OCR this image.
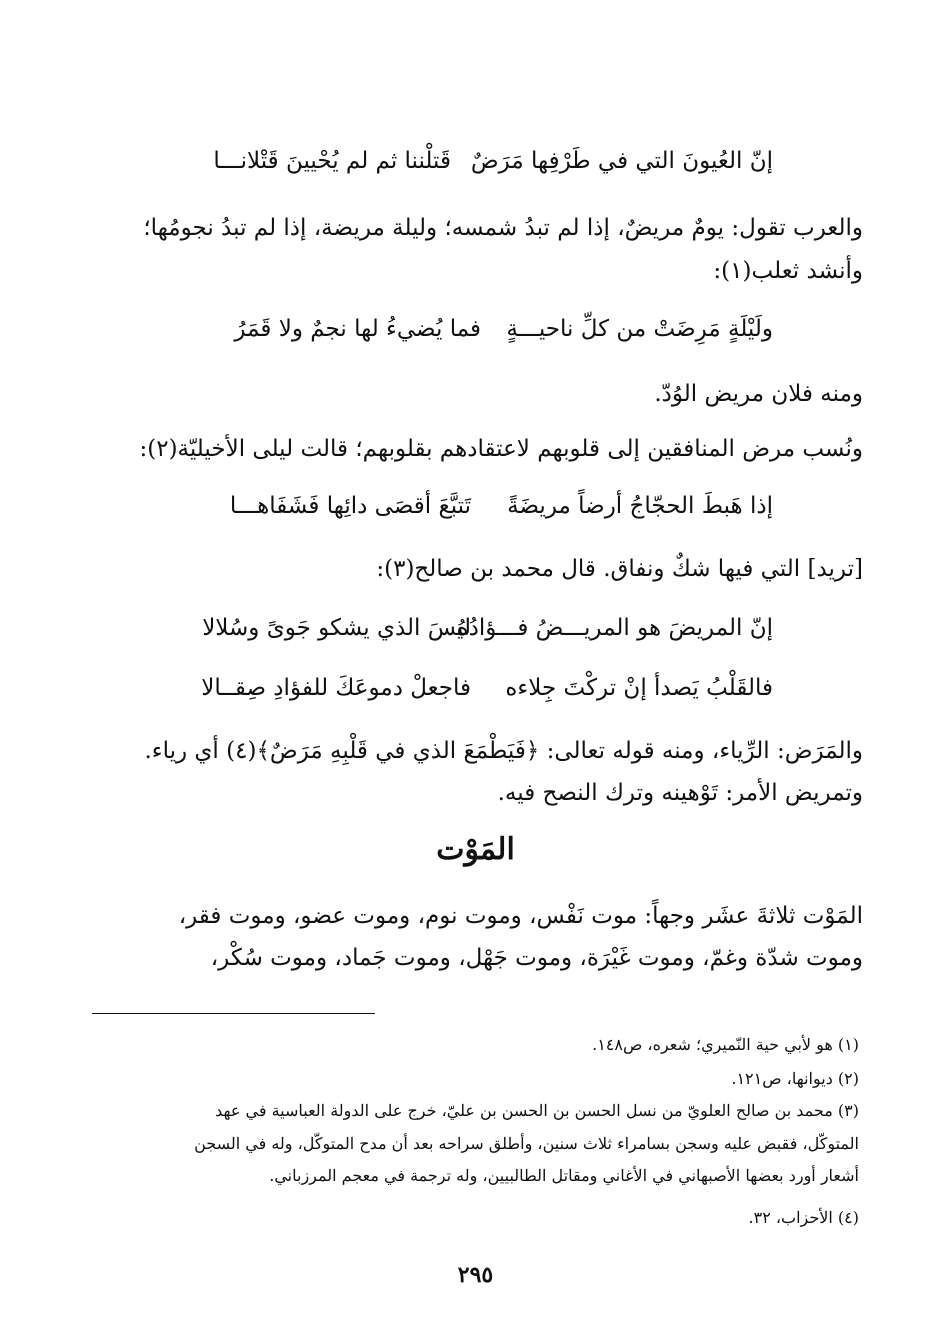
إنّ العُيونَ التي في طَرْفِها مَرَضٌ
قَتلْننا ثم لم يُحْيينَ قَتْلانـــا
والعرب تقول: يومٌ مريضٌ، إذا لم تبدُ شمسه؛ وليلة مريضة، إذا لم تبدُ نجومُها؛
وأنشد ثعلب(١):
ولَيْلَةٍ مَرِضَتْ من كلِّ ناحيـــةٍ
فما يُضيءُ لها نجمٌ ولا قَمَرُ
ومنه فلان مريض الوُدّ.
ونُسب مرض المنافقين إلى قلوبهم لاعتقادهم بقلوبهم؛ قالت ليلى الأخيليّة(٢):
إذا هَبطَ الحجّاجُ أرضاً مريضَةً
تَتبَّعَ أقصَى دائِها فَشَفَاهـــا
[تريد] التي فيها شكٌ ونفاق. قال محمد بن صالح(٣):
إنّ المريضَ هو المريـــضُ فـــؤادُهُ
ليسَ الذي يشكو جَوىً وسُلالا
فالقَلْبُ يَصدأ إنْ تركْتَ جِلاءه
فاجعلْ دموعَكَ للفؤادِ صِقــالا
والمَرَض: الرِّياء، ومنه قوله تعالى: ﴿فَيَطْمَعَ الذي في قَلْبِهِ مَرَضٌ﴾(٤) أي رياء.
وتمريض الأمر: تَوْهينه وترك النصح فيه.
المَوْت
المَوْت ثلاثةَ عشَر وجهاً: موت نَفْس، وموت نوم، وموت عضو، وموت فقر،
وموت شدّة وغمّ، وموت غَيْرَة، وموت جَهْل، وموت جَماد، وموت سُكْر،
(١) هو لأبي حية النّميري؛ شعره، ص١٤٨.
(٢) ديوانها، ص١٢١.
(٣) محمد بن صالح العلويّ من نسل الحسن بن الحسن بن عليّ، خرج على الدولة العباسية في عهد
المتوكّل، فقبض عليه وسجن بسامراء ثلاث سنين، وأطلق سراحه بعد أن مدح المتوكّل، وله في السجن
أشعار أورد بعضها الأصبهاني في الأغاني ومقاتل الطالبيين، وله ترجمة في معجم المرزباني.
(٤) الأحزاب، ٣٢.
٢٩٥
